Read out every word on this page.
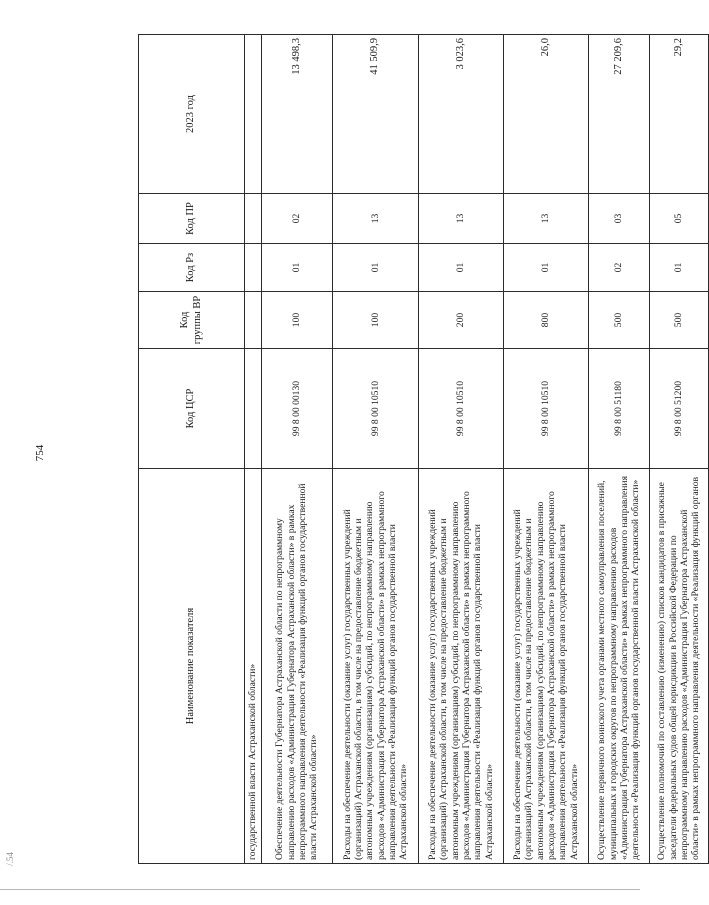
754
/.54
Наименование показателя	Код ЦСР	Код группы ВР	Код Рз	Код ПР	2023 год
государственной власти Астраханской области»					
Обеспечение деятельности Губернатора Астраханской области по непрограммному направлению расходов «Администрация Губернатора Астраханской области» в рамках непрограммного направления деятельности «Реализация функций органов государственной власти Астраханской области»	99 8 00 00130	100	01	02	13 498,3
Расходы на обеспечение деятельности (оказание услуг) государственных учреждений (организаций) Астраханской области, в том числе на предоставление бюджетным и автономным учреждениям (организациям) субсидий, по непрограммному направлению расходов «Администрация Губернатора Астраханской области» в рамках непрограммного направления деятельности «Реализация функций органов государственной власти Астраханской области»	99 8 00 10510	100	01	13	41 509,9
Расходы на обеспечение деятельности (оказание услуг) государственных учреждений (организаций) Астраханской области, в том числе на предоставление бюджетным и автономным учреждениям (организациям) субсидий, по непрограммному направлению расходов «Администрация Губернатора Астраханской области» в рамках непрограммного направления деятельности «Реализация функций органов государственной власти Астраханской области»	99 8 00 10510	200	01	13	3 023,6
Расходы на обеспечение деятельности (оказание услуг) государственных учреждений (организаций) Астраханской области, в том числе на предоставление бюджетным и автономным учреждениям (организациям) субсидий, по непрограммному направлению расходов «Администрация Губернатора Астраханской области» в рамках непрограммного направления деятельности «Реализация функций органов государственной власти Астраханской области»	99 8 00 10510	800	01	13	26,0
Осуществление первичного воинского учета органами местного самоуправления поселений, муниципальных и городских округов по непрограммному направлению расходов «Администрация Губернатора Астраханской области» в рамках непрограммного направления деятельности «Реализация функций органов государственной власти Астраханской области»	99 8 00 51180	500	02	03	27 209,6
Осуществление полномочий по составлению (изменению) списков кандидатов в присяжные заседатели федеральных судов общей юрисдикции в Российской Федерации по непрограммному направлению расходов «Администрация Губернатора Астраханской области» в рамках непрограммного направления деятельности «Реализация функций органов	99 8 00 51200	500	01	05	29,2
